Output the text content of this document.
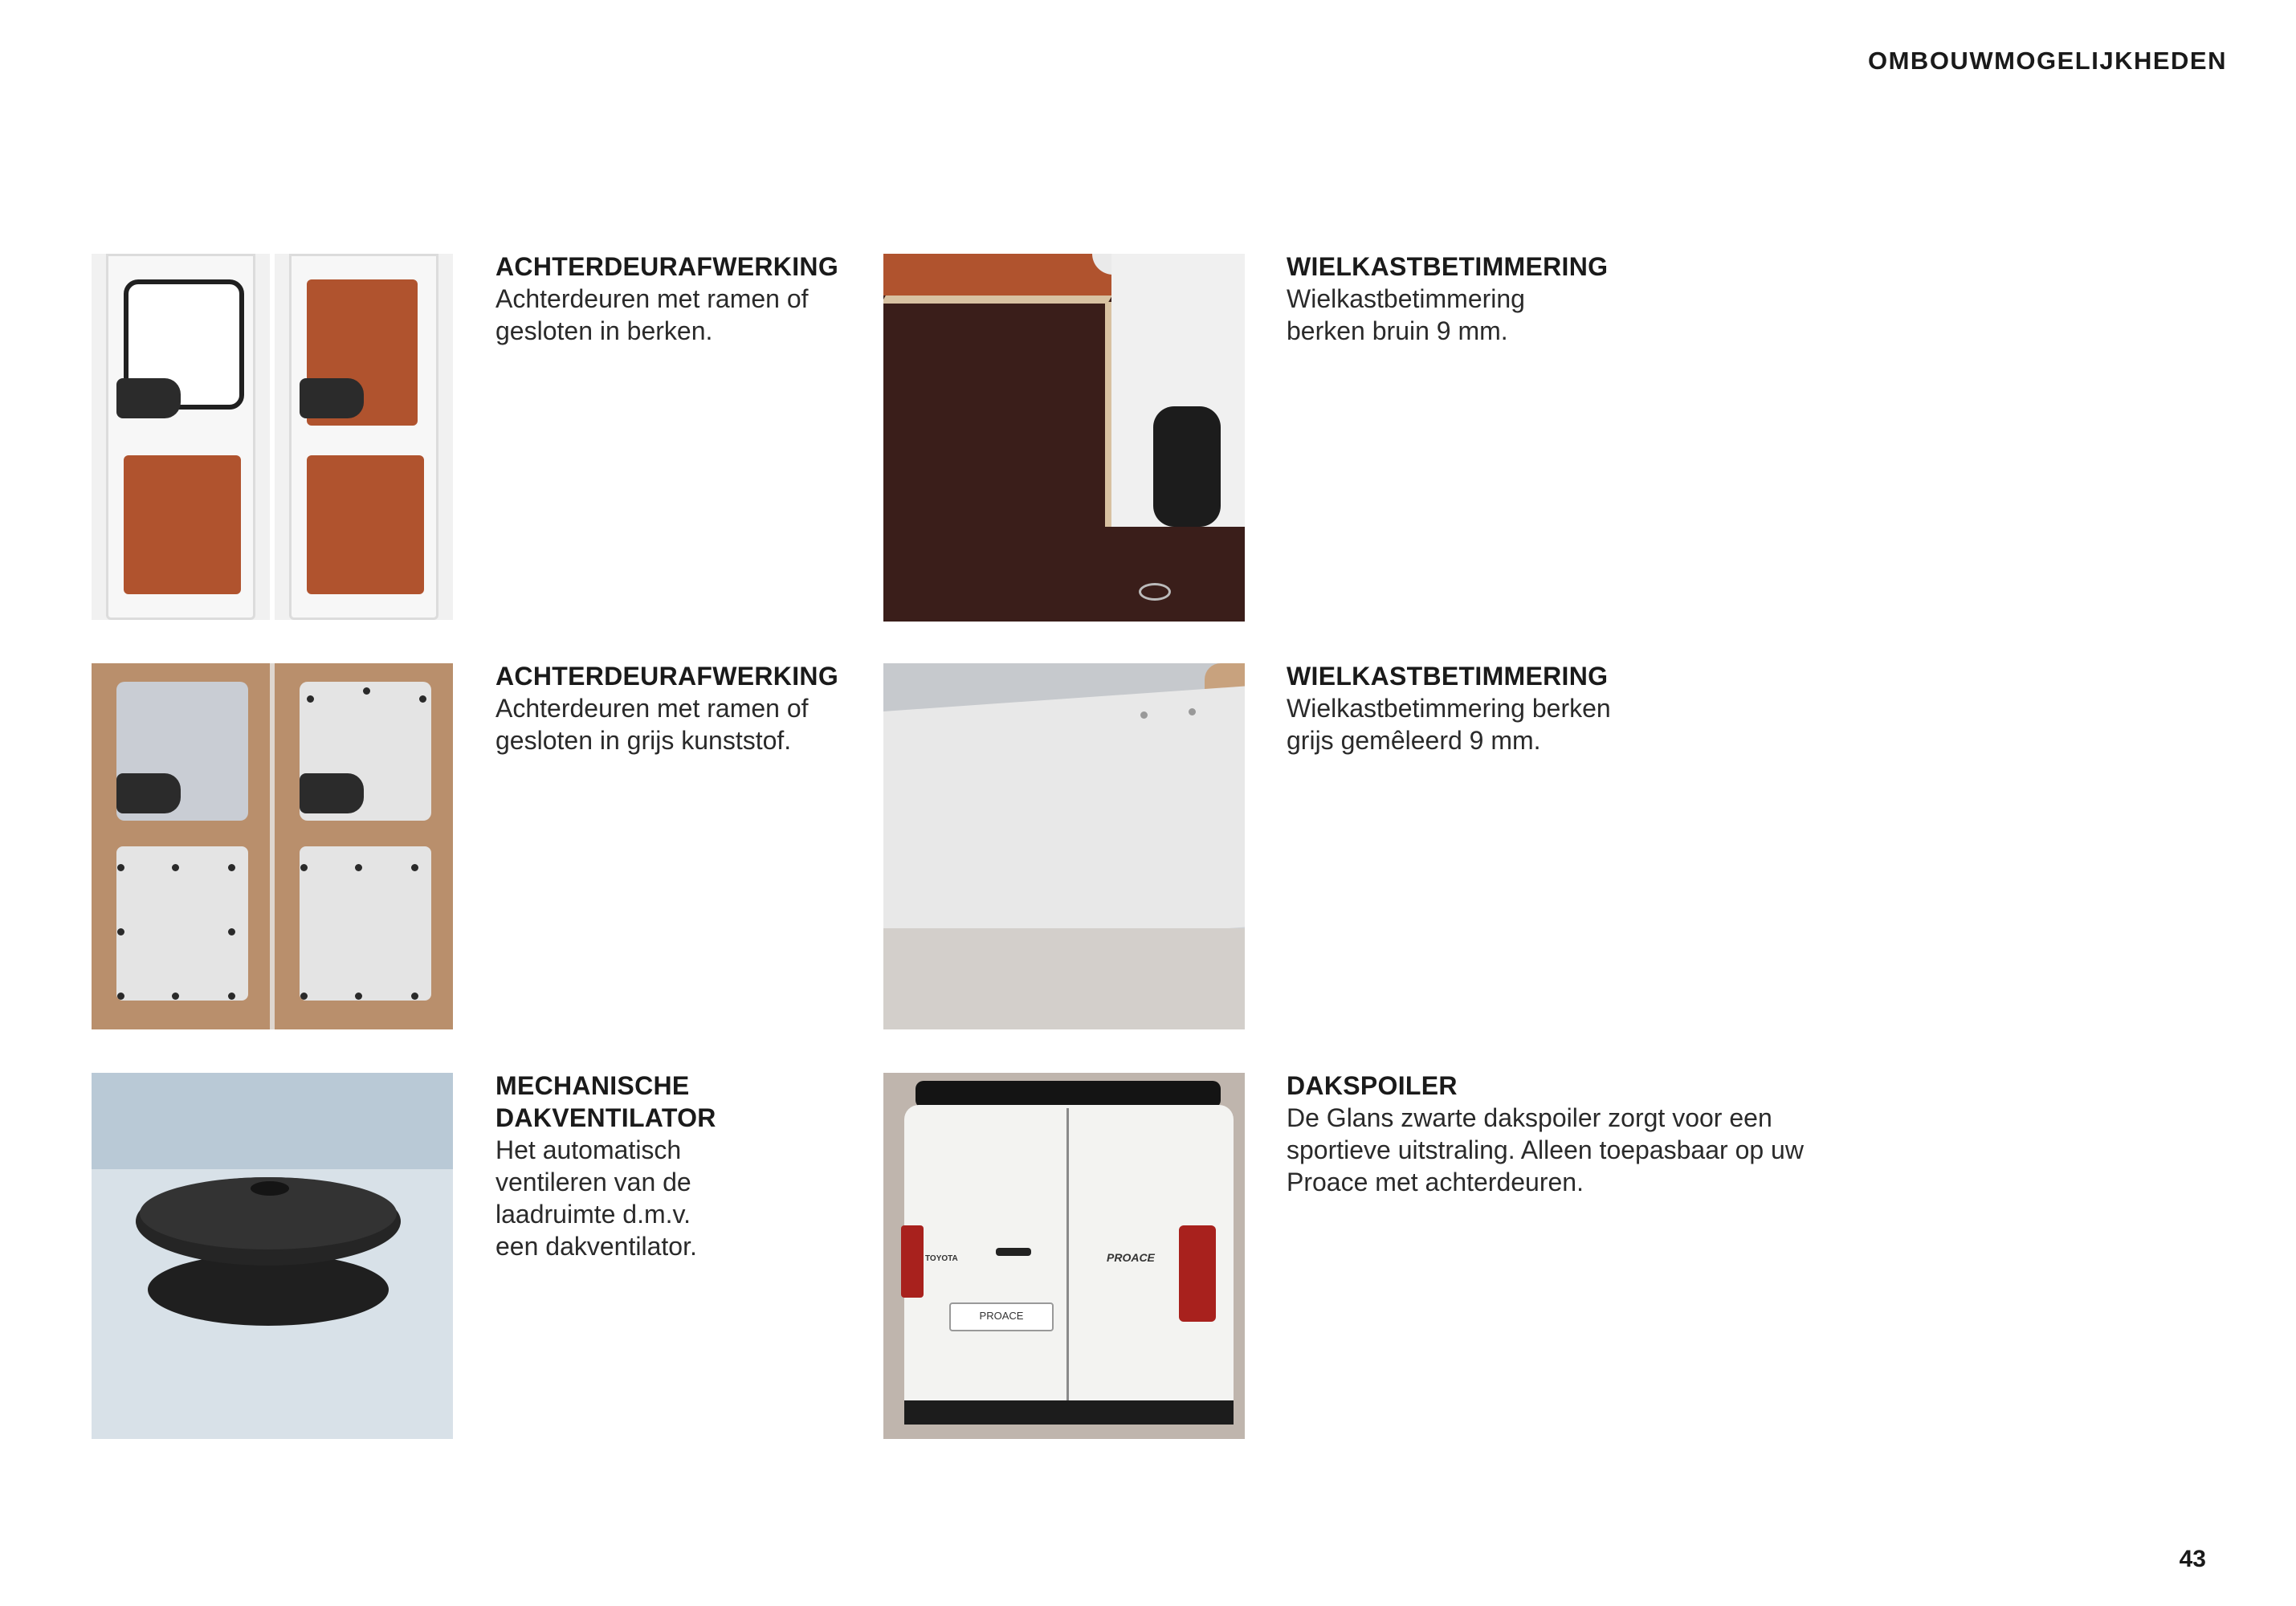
OMBOUWMOGELIJKHEDEN

ACHTERDEURAFWERKING

Achterdeuren met ramen of gesloten in berken.

WIELKASTBETIMMERING

Wielkastbetimmering berken bruin 9 mm.

ACHTERDEURAFWERKING

Achterdeuren met ramen of gesloten in grijs kunststof.

WIELKASTBETIMMERING

Wielkastbetimmering berken grijs gemêleerd 9 mm.

MECHANISCHE DAKVENTILATOR

Het automatisch ventileren van de laadruimte d.m.v. een dakventilator.	TOYOTA	PROACE
PROACE

DAKSPOILER

De Glans zwarte dakspoiler zorgt voor een sportieve uitstraling. Alleen toepasbaar op uw Proace met achterdeuren.

43
